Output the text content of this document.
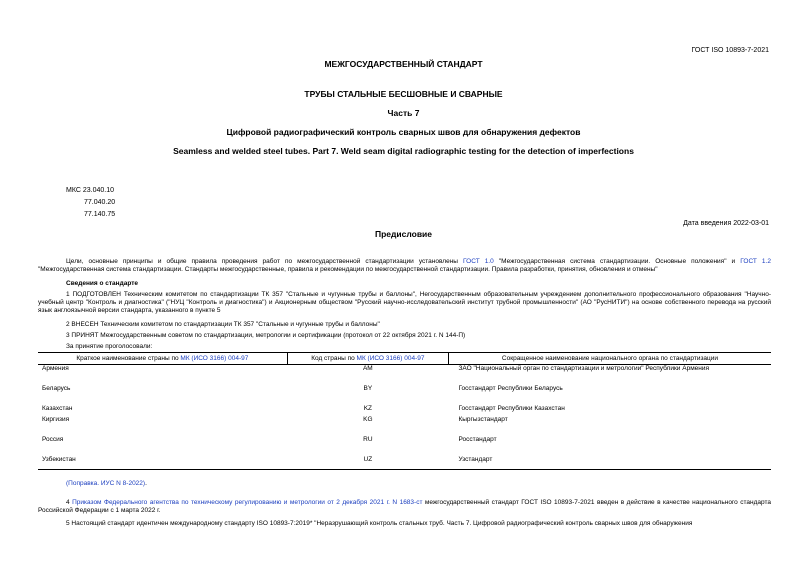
ГОСТ ISO 10893-7-2021
МЕЖГОСУДАРСТВЕННЫЙ СТАНДАРТ
ТРУБЫ СТАЛЬНЫЕ БЕСШОВНЫЕ И СВАРНЫЕ
Часть 7
Цифровой радиографический контроль сварных швов для обнаружения дефектов
Seamless and welded steel tubes. Part 7. Weld seam digital radiographic testing for the detection of imperfections
МКС 23.040.10
77.040.20
77.140.75
Дата введения 2022-03-01
Предисловие
Цели, основные принципы и общие правила проведения работ по межгосударственной стандартизации установлены ГОСТ 1.0 "Межгосударственная система стандартизации. Основные положения" и ГОСТ 1.2 "Межгосударственная система стандартизации. Стандарты межгосударственные, правила и рекомендации по межгосударственной стандартизации. Правила разработки, принятия, обновления и отмены"
Сведения о стандарте
1 ПОДГОТОВЛЕН Техническим комитетом по стандартизации ТК 357 "Стальные и чугунные трубы и баллоны", Негосударственным образовательным учреждением дополнительного профессионального образования "Научно-учебный центр "Контроль и диагностика" ("НУЦ "Контроль и диагностика") и Акционерным обществом "Русский научно-исследовательский институт трубной промышленности" (АО "РусНИТИ") на основе собственного перевода на русский язык англоязычной версии стандарта, указанного в пункте 5
2 ВНЕСЕН Техническим комитетом по стандартизации ТК 357 "Стальные и чугунные трубы и баллоны"
3 ПРИНЯТ Межгосударственным советом по стандартизации, метрологии и сертификации (протокол от 22 октября 2021 г. N 144-П)
За принятие проголосовали:
Краткое наименование страны по МК (ИСО 3166) 004-97	Код страны по МК (ИСО 3166) 004-97	Сокращенное наименование национального органа по стандартизации
Армения	AM	ЗАО "Национальный орган по стандартизации и метрологии" Республики Армения
Беларусь	BY	Госстандарт Республики Беларусь
Казахстан	KZ	Госстандарт Республики Казахстан
Киргизия	KG	Кыргызстандарт
Россия	RU	Росстандарт
Узбекистан	UZ	Узстандарт
(Поправка. ИУС N 8-2022).
4 Приказом Федерального агентства по техническому регулированию и метрологии от 2 декабря 2021 г. N 1683-ст межгосударственный стандарт ГОСТ ISO 10893-7-2021 введен в действие в качестве национального стандарта Российской Федерации с 1 марта 2022 г.
5 Настоящий стандарт идентичен международному стандарту ISO 10893-7:2019* "Неразрушающий контроль стальных труб. Часть 7. Цифровой радиографический контроль сварных швов для обнаружения
